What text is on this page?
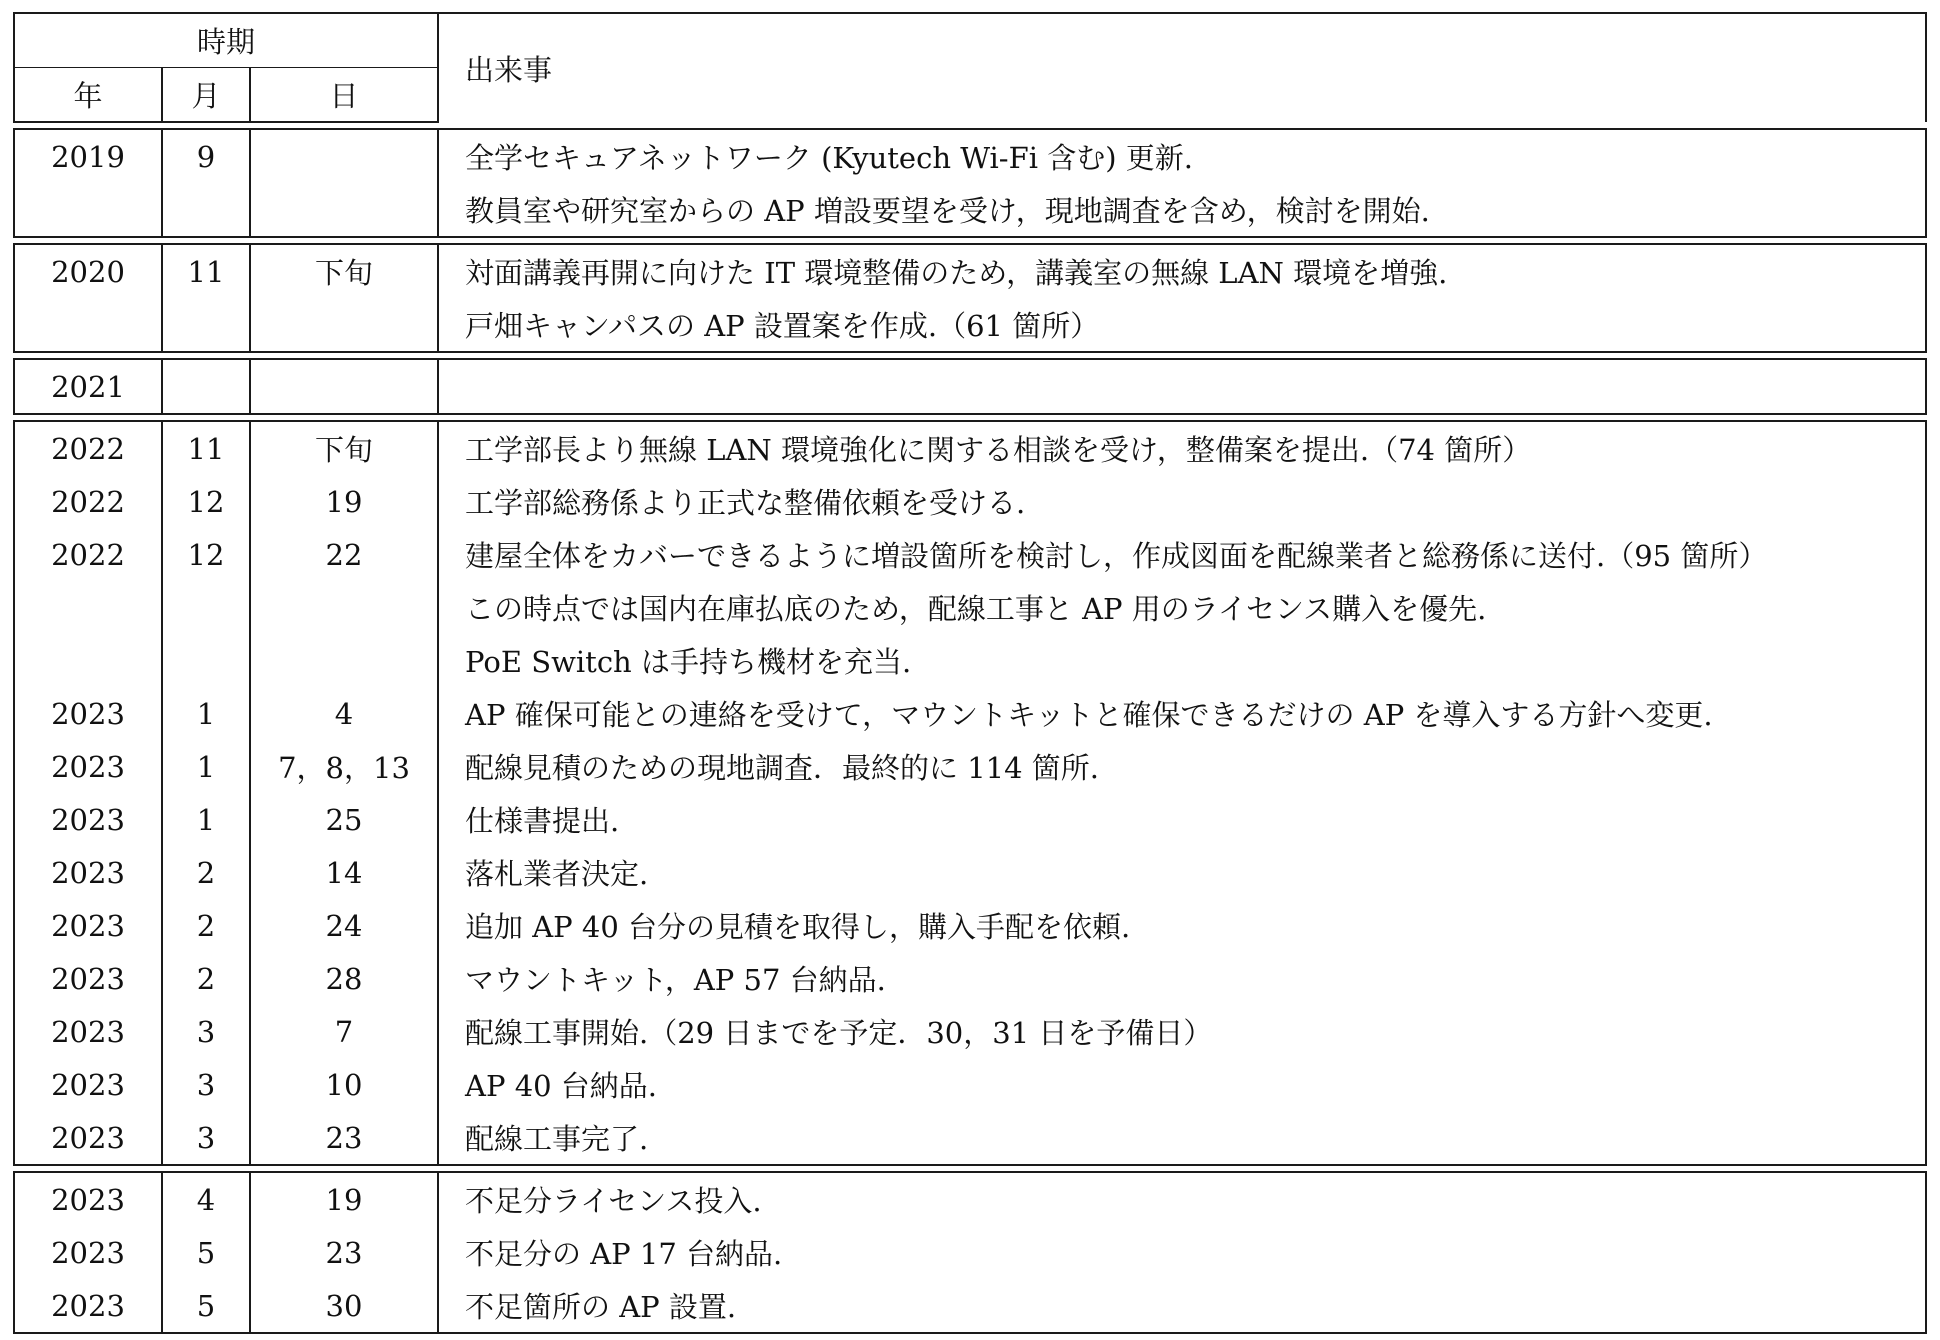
時期			出来事
年	月	日	

2019	9		全学セキュアネットワーク (Kyutech Wi-Fi 含む) 更新.
			教員室や研究室からの AP 増設要望を受け，現地調査を含め，検討を開始.

2020	11	下旬	対面講義再開に向けた IT 環境整備のため，講義室の無線 LAN 環境を増強.
			戸畑キャンパスの AP 設置案を作成.（61 箇所）

2021			

2022	11	下旬	工学部長より無線 LAN 環境強化に関する相談を受け，整備案を提出.（74 箇所）
2022	12	19	工学部総務係より正式な整備依頼を受ける.
2022	12	22	建屋全体をカバーできるように増設箇所を検討し，作成図面を配線業者と総務係に送付.（95 箇所）
			この時点では国内在庫払底のため，配線工事と AP 用のライセンス購入を優先.
			PoE Switch は手持ち機材を充当.
2023	1	4	AP 確保可能との連絡を受けて，マウントキットと確保できるだけの AP を導入する方針へ変更.
2023	1	7，8，13	配線見積のための現地調査．最終的に 114 箇所.
2023	1	25	仕様書提出.
2023	2	14	落札業者決定.
2023	2	24	追加 AP 40 台分の見積を取得し，購入手配を依頼.
2023	2	28	マウントキット，AP 57 台納品.
2023	3	7	配線工事開始.（29 日までを予定．30，31 日を予備日）
2023	3	10	AP 40 台納品.
2023	3	23	配線工事完了.

2023	4	19	不足分ライセンス投入.
2023	5	23	不足分の AP 17 台納品.
2023	5	30	不足箇所の AP 設置.
